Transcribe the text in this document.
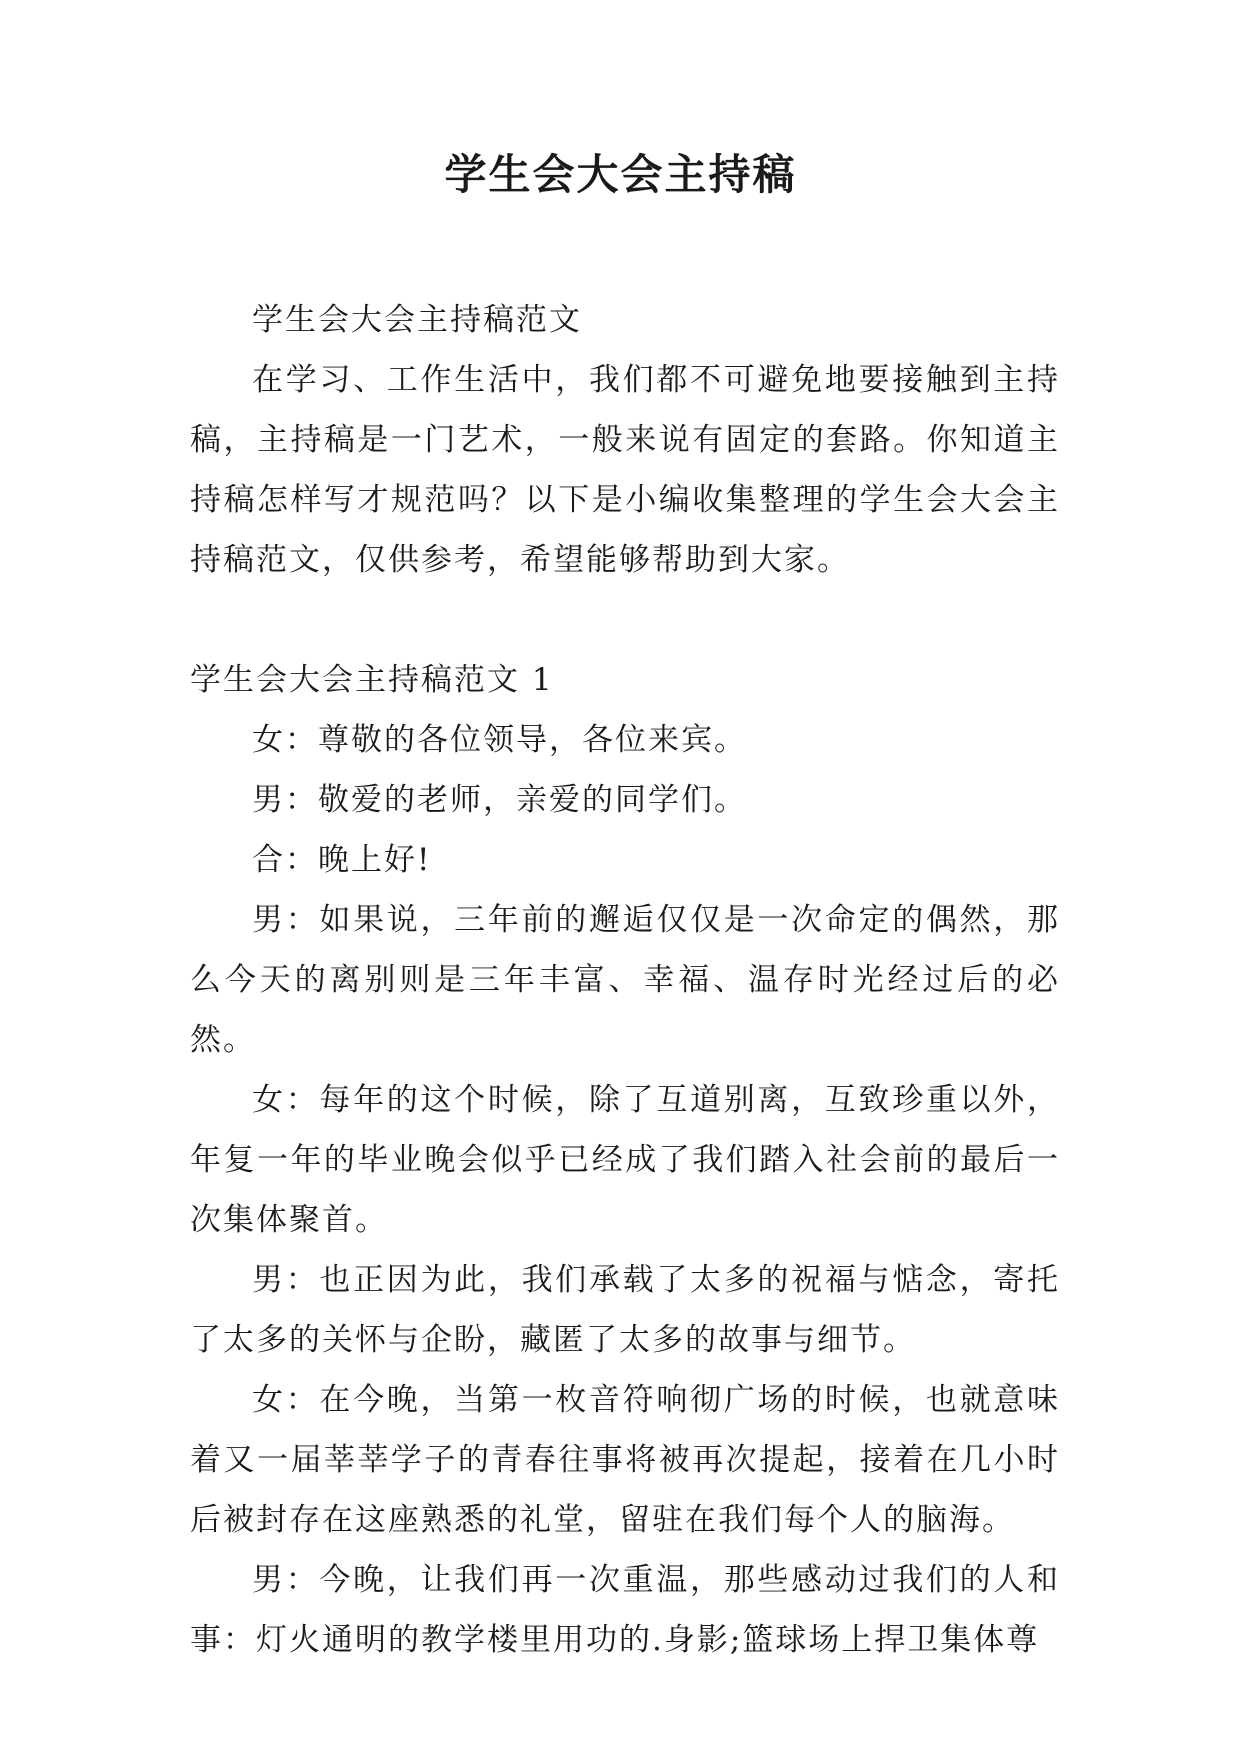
学生会大会主持稿

学生会大会主持稿范文

在学习、工作生活中，我们都不可避免地要接触到主持稿，主持稿是一门艺术，一般来说有固定的套路。你知道主持稿怎样写才规范吗？以下是小编收集整理的学生会大会主持稿范文，仅供参考，希望能够帮助到大家。

学生会大会主持稿范文 1

女：尊敬的各位领导，各位来宾。

男：敬爱的老师，亲爱的同学们。

合：晚上好!

男：如果说，三年前的邂逅仅仅是一次命定的偶然，那么今天的离别则是三年丰富、幸福、温存时光经过后的必然。

女：每年的这个时候，除了互道别离，互致珍重以外，年复一年的毕业晚会似乎已经成了我们踏入社会前的最后一次集体聚首。

男：也正因为此，我们承载了太多的祝福与惦念，寄托了太多的关怀与企盼，藏匿了太多的故事与细节。

女：在今晚，当第一枚音符响彻广场的时候，也就意味着又一届莘莘学子的青春往事将被再次提起，接着在几小时后被封存在这座熟悉的礼堂，留驻在我们每个人的脑海。

男：今晚，让我们再一次重温，那些感动过我们的人和事：灯火通明的教学楼里用功的.身影;篮球场上捍卫集体尊
